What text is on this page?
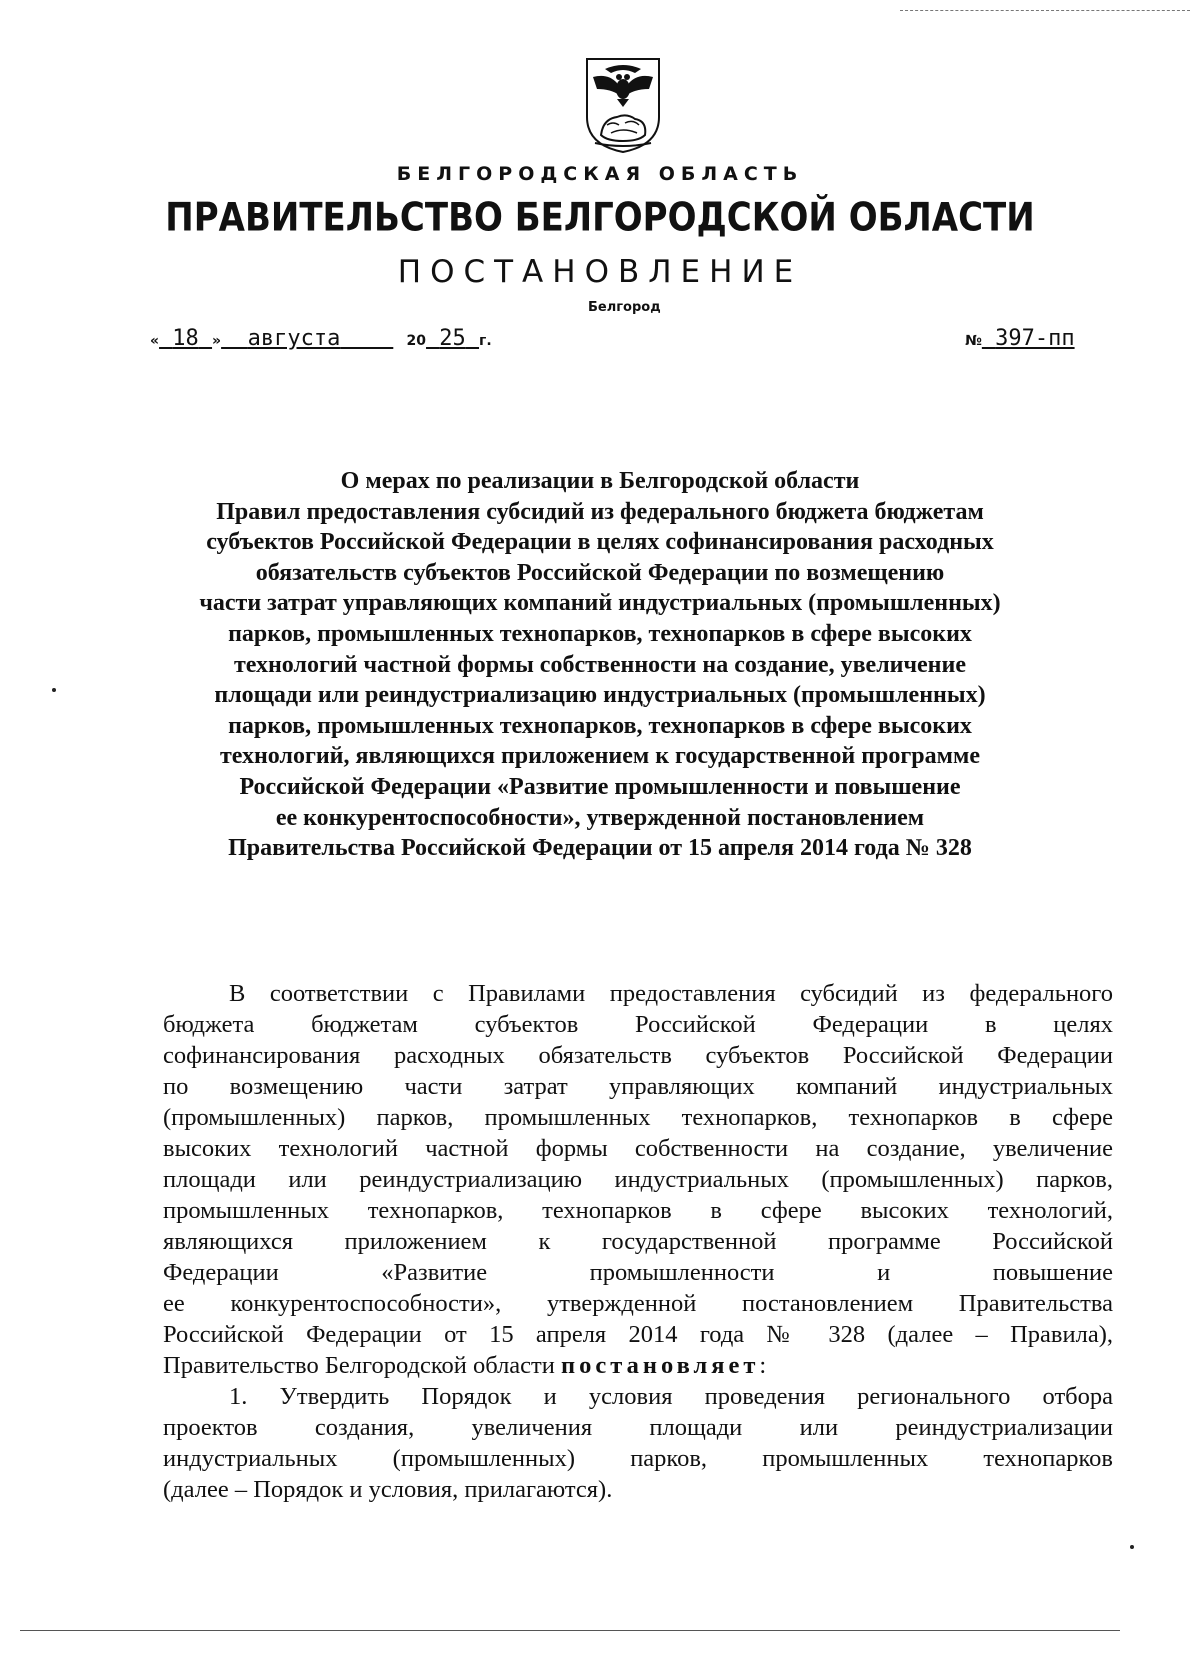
БЕЛГОРОДСКАЯ ОБЛАСТЬ
ПРАВИТЕЛЬСТВО БЕЛГОРОДСКОЙ ОБЛАСТИ
ПОСТАНОВЛЕНИЕ
Белгород
« 18 » августа	20 25 г.	№ 397-пп
О мерах по реализации в Белгородской области
Правил предоставления субсидий из федерального бюджета бюджетам
субъектов Российской Федерации в целях софинансирования расходных
обязательств субъектов Российской Федерации по возмещению
части затрат управляющих компаний индустриальных (промышленных)
парков, промышленных технопарков, технопарков в сфере высоких
технологий частной формы собственности на создание, увеличение
площади или реиндустриализацию индустриальных (промышленных)
парков, промышленных технопарков, технопарков в сфере высоких
технологий, являющихся приложением к государственной программе
Российской Федерации «Развитие промышленности и повышение
ее конкурентоспособности», утвержденной постановлением
Правительства Российской Федерации от 15 апреля 2014 года № 328
В соответствии с Правилами предоставления субсидий из федерального
бюджета бюджетам субъектов Российской Федерации в целях
софинансирования расходных обязательств субъектов Российской Федерации
по возмещению части затрат управляющих компаний индустриальных
(промышленных) парков, промышленных технопарков, технопарков в сфере
высоких технологий частной формы собственности на создание, увеличение
площади или реиндустриализацию индустриальных (промышленных) парков,
промышленных технопарков, технопарков в сфере высоких технологий,
являющихся приложением к государственной программе Российской
Федерации «Развитие промышленности и повышение
ее конкурентоспособности», утвержденной постановлением Правительства
Российской Федерации от 15 апреля 2014 года № 328 (далее – Правила),
Правительство Белгородской области постановляет:
1. Утвердить Порядок и условия проведения регионального отбора
проектов создания, увеличения площади или реиндустриализации
индустриальных (промышленных) парков, промышленных технопарков
(далее – Порядок и условия, прилагаются).
